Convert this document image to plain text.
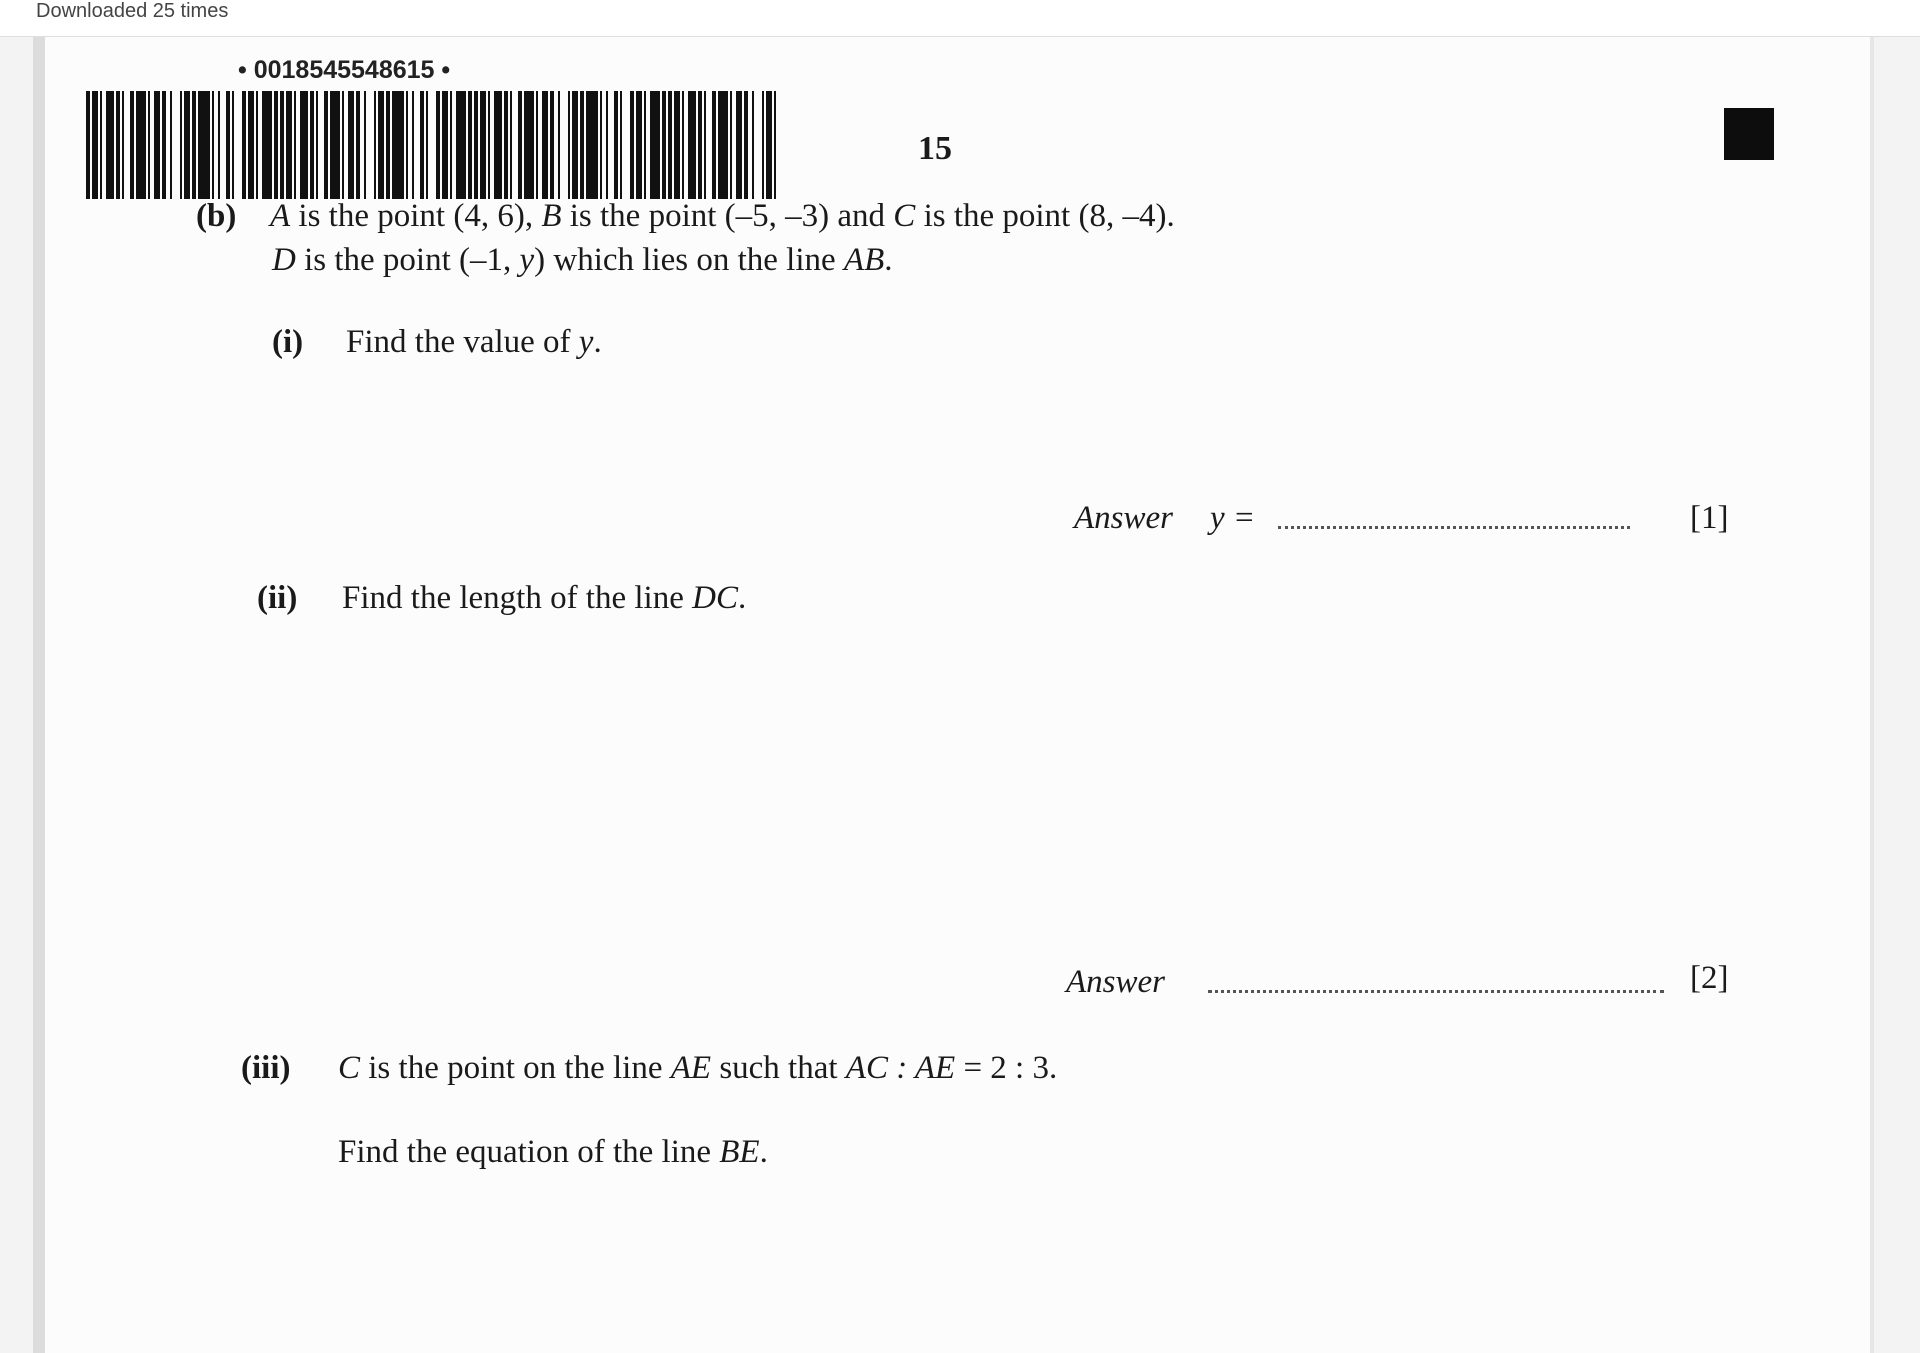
Downloaded 25 times
• 0018545548615 •
15
(b) A is the point (4, 6), B is the point (–5, –3) and C is the point (8, –4).
D is the point (–1, y) which lies on the line AB.
(i) Find the value of y.
Answer y =	[1]
(ii) Find the length of the line DC.
Answer	[2]
(iii) C is the point on the line AE such that AC : AE = 2 : 3.
Find the equation of the line BE.
